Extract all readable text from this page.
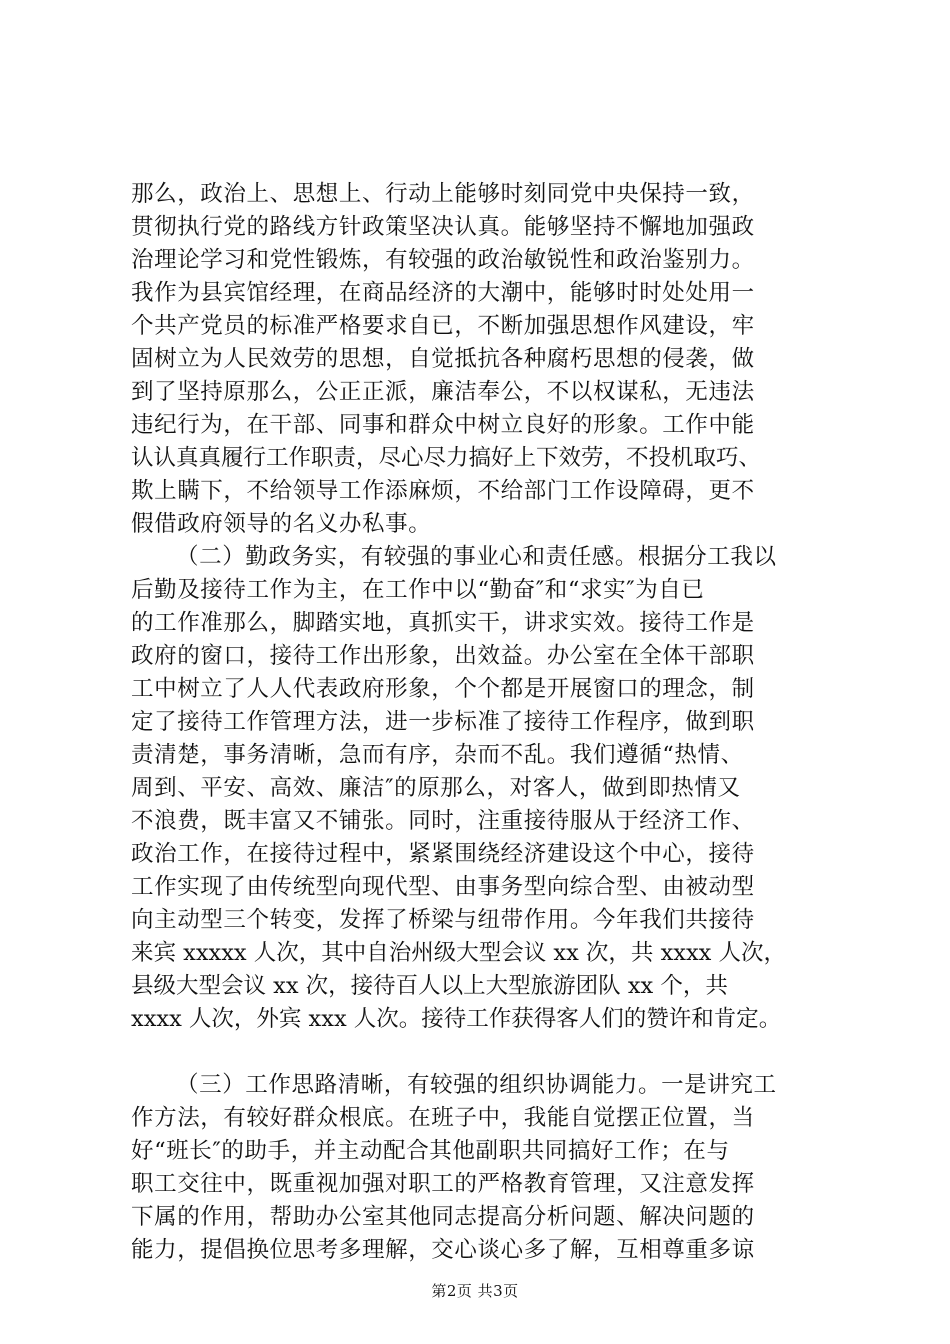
那么，政治上、思想上、行动上能够时刻同党中央保持一致，
贯彻执行党的路线方针政策坚决认真。能够坚持不懈地加强政
治理论学习和党性锻炼，有较强的政治敏锐性和政治鉴别力。
我作为县宾馆经理，在商品经济的大潮中，能够时时处处用一
个共产党员的标准严格要求自已，不断加强思想作风建设，牢
固树立为人民效劳的思想，自觉抵抗各种腐朽思想的侵袭，做
到了坚持原那么，公正正派，廉洁奉公，不以权谋私，无违法
违纪行为，在干部、同事和群众中树立良好的形象。工作中能
认认真真履行工作职责，尽心尽力搞好上下效劳，不投机取巧、
欺上瞒下，不给领导工作添麻烦，不给部门工作设障碍，更不
假借政府领导的名义办私事。
（二）勤政务实，有较强的事业心和责任感。根据分工我以
后勤及接待工作为主，在工作中以“勤奋″和“求实″为自已
的工作准那么，脚踏实地，真抓实干，讲求实效。接待工作是
政府的窗口，接待工作出形象，出效益。办公室在全体干部职
工中树立了人人代表政府形象，个个都是开展窗口的理念，制
定了接待工作管理方法，进一步标准了接待工作程序，做到职
责清楚，事务清晰，急而有序，杂而不乱。我们遵循“热情、
周到、平安、高效、廉洁″的原那么，对客人，做到即热情又
不浪费，既丰富又不铺张。同时，注重接待服从于经济工作、
政治工作，在接待过程中，紧紧围绕经济建设这个中心，接待
工作实现了由传统型向现代型、由事务型向综合型、由被动型
向主动型三个转变，发挥了桥梁与纽带作用。今年我们共接待
来宾 xxxxx 人次，其中自治州级大型会议 xx 次，共 xxxx 人次，
县级大型会议 xx 次，接待百人以上大型旅游团队 xx 个，共
xxxx 人次，外宾 xxx 人次。接待工作获得客人们的赞许和肯定。
（三）工作思路清晰，有较强的组织协调能力。一是讲究工
作方法，有较好群众根底。在班子中，我能自觉摆正位置，当
好“班长″的助手，并主动配合其他副职共同搞好工作；在与
职工交往中，既重视加强对职工的严格教育管理，又注意发挥
下属的作用，帮助办公室其他同志提高分析问题、解决问题的
能力，提倡换位思考多理解，交心谈心多了解，互相尊重多谅
第2页 共3页
